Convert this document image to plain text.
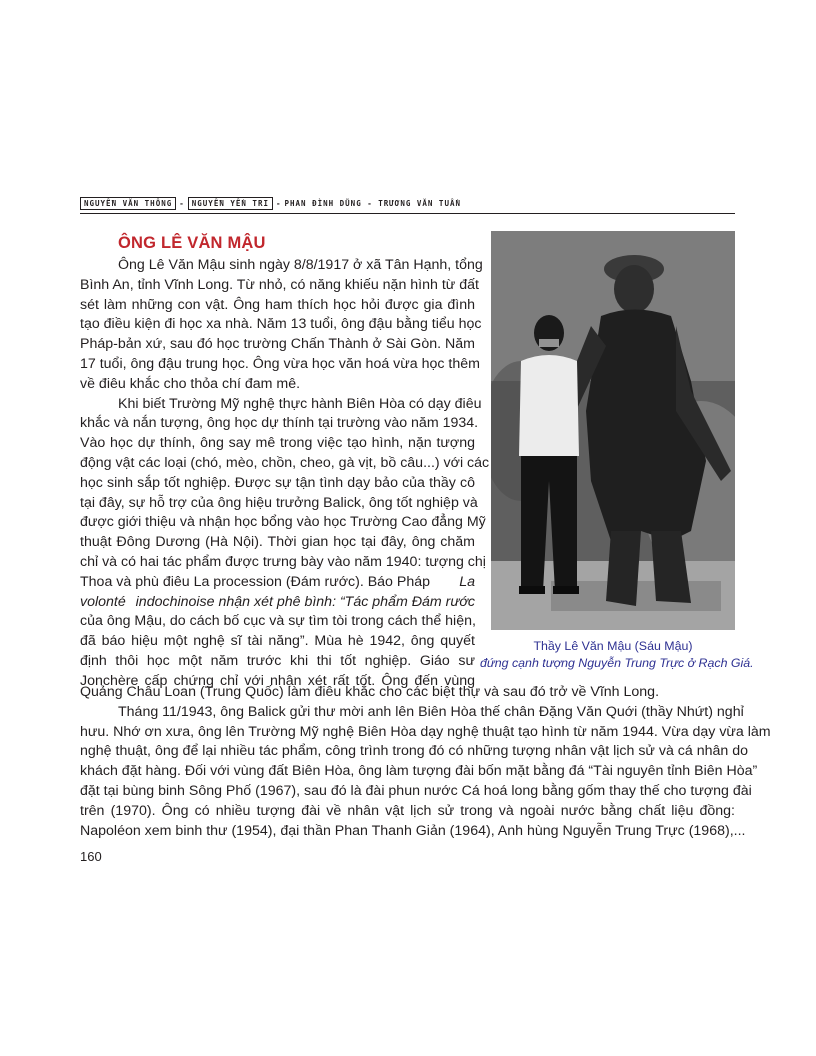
NGUYỄN VĂN THÔNG - NGUYỄN YẾN TRI - PHAN ĐÌNH DŨNG - TRƯƠNG VĂN TUẤN
ÔNG LÊ VĂN MẬU

Ông Lê Văn Mậu sinh ngày 8/8/1917 ở xã Tân Hạnh, tổng
Bình An, tỉnh Vĩnh Long. Từ nhỏ, có năng khiếu nặn hình từ đất
sét làm những con vật. Ông ham thích học hỏi được gia đình
tạo điều kiện đi học xa nhà. Năm 13 tuổi, ông đậu bằng tiểu học
Pháp-bản xứ, sau đó học trường Chấn Thành ở Sài Gòn. Năm
17 tuổi, ông đậu trung học. Ông vừa học văn hoá vừa học thêm
về điêu khắc cho thỏa chí đam mê.

Khi biết Trường Mỹ nghệ thực hành Biên Hòa có dạy điêu
khắc và nắn tượng, ông học dự thính tại trường vào năm 1934.
Vào học dự thính, ông say mê trong việc tạo hình, nặn tượng
động vật các loại (chó, mèo, chồn, cheo, gà vịt, bồ câu...) với các
học sinh sắp tốt nghiệp. Được sự tận tình dạy bảo của thầy cô
tại đây, sự hỗ trợ của ông hiệu trưởng Balick, ông tốt nghiệp và
được giới thiệu và nhận học bổng vào học Trường Cao đẳng Mỹ
thuật Đông Dương (Hà Nội). Thời gian học tại đây, ông chăm
chỉ và có hai tác phẩm được trưng bày vào năm 1940: tượng chị
Thoa và phù điêu La procession (Đám rước). Báo Pháp La
volonté indochinoise nhận xét phê bình: “Tác phẩm Đám rước
của ông Mậu, do cách bố cục và sự tìm tòi trong cách thể hiện,
đã báo hiệu một nghệ sĩ tài năng”. Mùa hè 1942, ông quyết
định thôi học một năm trước khi thi tốt nghiệp. Giáo sư
Jonchère cấp chứng chỉ với nhận xét rất tốt. Ông đến vùng

Quảng Châu Loan (Trung Quốc) làm điêu khắc cho các biệt thự và sau đó trở về Vĩnh Long.

Tháng 11/1943, ông Balick gửi thư mời anh lên Biên Hòa thế chân Đặng Văn Quới (thầy Nhứt) nghỉ
hưu. Nhớ ơn xưa, ông lên Trường Mỹ nghệ Biên Hòa dạy nghệ thuật tạo hình từ năm 1944. Vừa dạy vừa làm
nghệ thuật, ông để lại nhiều tác phẩm, công trình trong đó có những tượng nhân vật lịch sử và cá nhân do
khách đặt hàng. Đối với vùng đất Biên Hòa, ông làm tượng đài bốn mặt bằng đá “Tài nguyên tỉnh Biên Hòa”
đặt tại bùng binh Sông Phố (1967), sau đó là đài phun nước Cá hoá long bằng gốm thay thế cho tượng đài
trên (1970). Ông có nhiều tượng đài về nhân vật lịch sử trong và ngoài nước bằng chất liệu đồng:
Napoléon xem binh thư (1954), đại thần Phan Thanh Giản (1964), Anh hùng Nguyễn Trung Trực (1968),...

Thầy Lê Văn Mậu (Sáu Mậu)
đứng cạnh tượng Nguyễn Trung Trực ở Rạch Giá.
160
